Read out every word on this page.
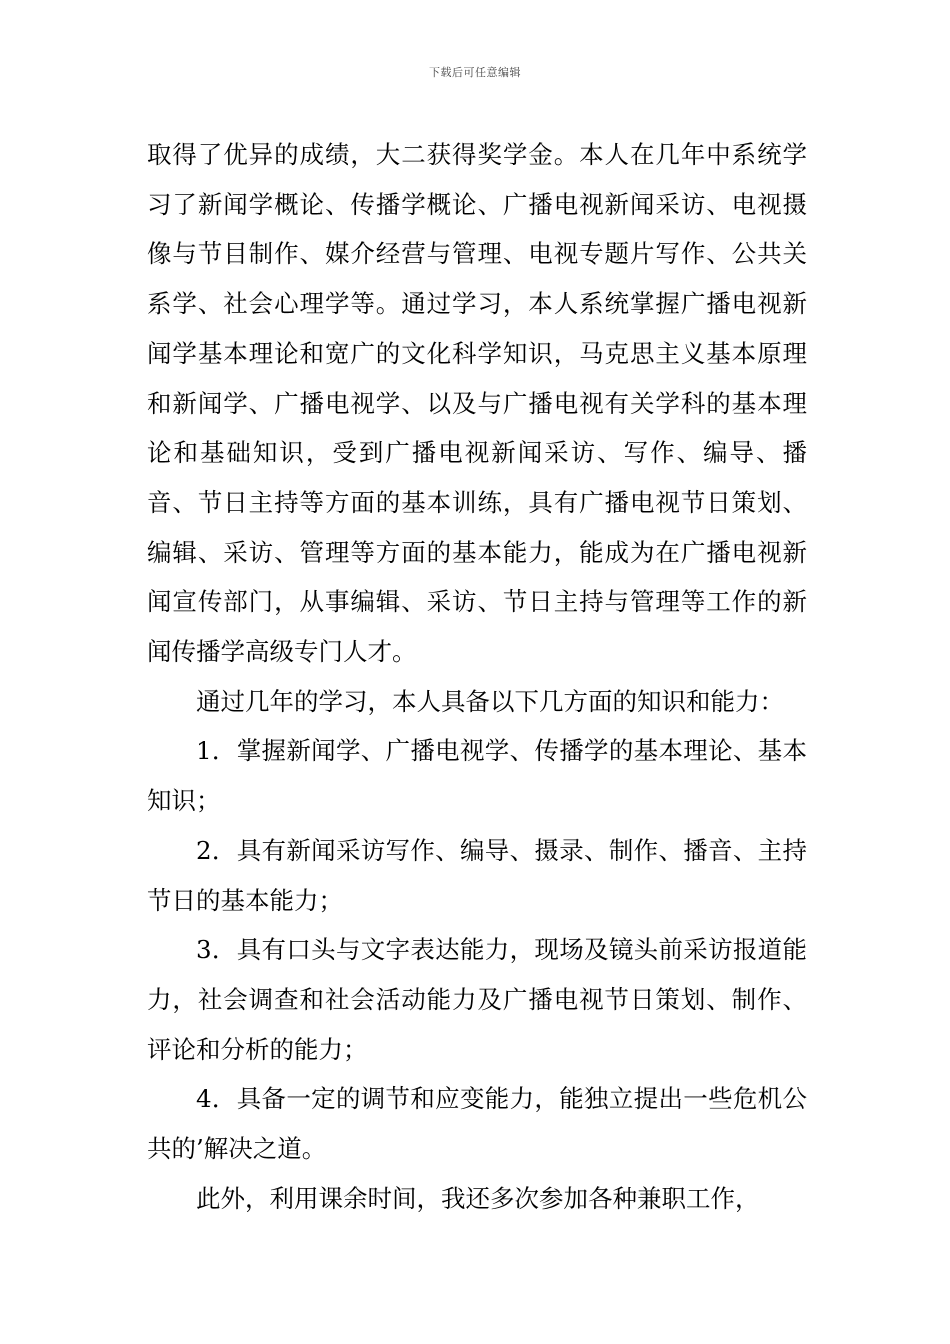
下载后可任意编辑

取得了优异的成绩，大二获得奖学金。本人在几年中系统学习了新闻学概论、传播学概论、广播电视新闻采访、电视摄像与节目制作、媒介经营与管理、电视专题片写作、公共关系学、社会心理学等。通过学习，本人系统掌握广播电视新闻学基本理论和宽广的文化科学知识，马克思主义基本原理和新闻学、广播电视学、以及与广播电视有关学科的基本理论和基础知识，受到广播电视新闻采访、写作、编导、播音、节日主持等方面的基本训练，具有广播电视节日策划、编辑、采访、管理等方面的基本能力，能成为在广播电视新闻宣传部门，从事编辑、采访、节日主持与管理等工作的新闻传播学高级专门人才。

通过几年的学习，本人具备以下几方面的知识和能力：

1．掌握新闻学、广播电视学、传播学的基本理论、基本知识；

2．具有新闻采访写作、编导、摄录、制作、播音、主持节日的基本能力；

3．具有口头与文字表达能力，现场及镜头前采访报道能力，社会调查和社会活动能力及广播电视节日策划、制作、评论和分析的能力；

4．具备一定的调节和应变能力，能独立提出一些危机公共的’解决之道。

此外，利用课余时间，我还多次参加各种兼职工作，
